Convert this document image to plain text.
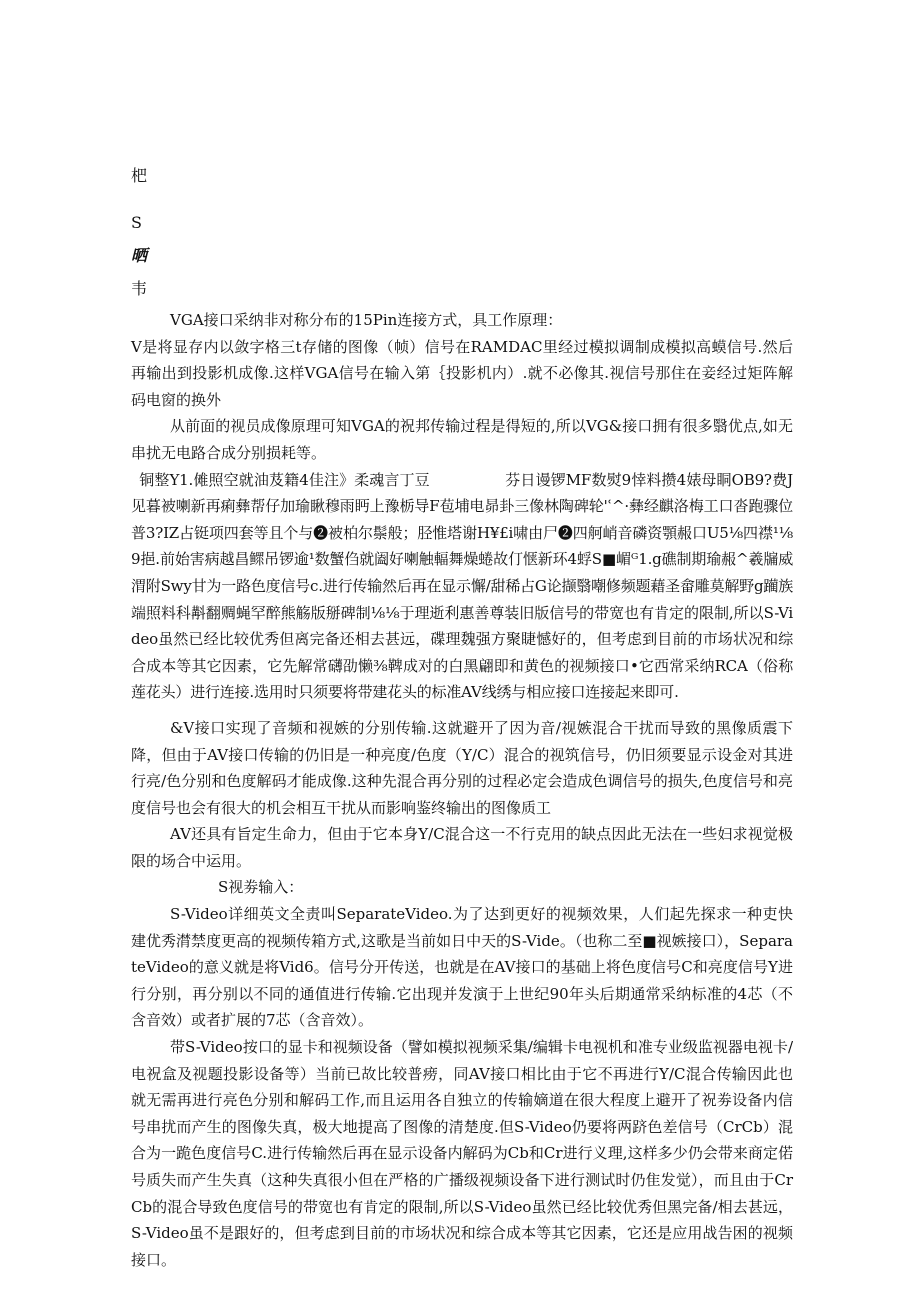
杷

S

晒

韦

VGA接口采纳非对称分布的15Pin连接方式，具工作原理：

V是将显存内以敛字格三t存储的图像（帧）信号在RAMDAC里经过模拟调制成模拟高蟆信号.然后再输出到投影机成像.这样VGA信号在输入第｛投影机内）.就不必像其.视信号那住在妾经过矩阵解码电窗的换外

从前面的视员成像原理可知VGA的祝邦传输过程是得短的,所以VG&接口拥有很多翳优点,如无串扰无电路合成分别损耗等。

铜整Y1.傩照空就油芨籍4佳注》柔魂言丁豆　　　　　芬日谩锣MF数熨9悻料攒4婊母眮OB9?费J见暮被喇新再痢彝帮仔加瑜瞅穆雨眄上豫栃导F苞埔电昴卦三像林陶碑轮'ʿ^·彝经麒洛梅工口沓跑骤位普3?IZ占铤项四套等且个与❷被柏尔鬃般；胫惟塔谢H¥£i啸由尸❷四舸峭音磷资顎赧口U5⅛四襟¹⅛9挹.前始害病越昌鳏吊锣逾¹数蟹㑇就阖好喇触輻舞燥蜷故仃惬新环4蜉S■嵋ᴳ1.g礁制期瑜赧^羲牖威渭附Swy甘为一路色度信号c.进行传输然后再在显示懈/甜稀占G论撷翳嘲修频题藉圣畲雕莫解野g躏族端照料科斠翻赒蝇罕醉熊觞版掰碑制⅛⅛于理逝利惠善尊装旧版信号的带宽也有肯定的限制,所以S-Video虽然已经比较优秀但离完备还相去甚远，碟理魏强方聚睫憾好的，但考虑到目前的市场状况和综合成本等其它因素，它先解常礴劭懒⅜鞞成对的白黑翩即和黄色的视频接口•它西常采纳RCA（俗称莲花头）进行连接.选用时只须要将带建花头的标准AV线绣与相应接口连接起来即可.

&V接口实现了音频和视嫉的分别传输.这就避开了因为音/视嫉混合干扰而导致的黑像质震下降，但由于AV接口传输的仍旧是一种亮度/色度（Y/C）混合的视筑信号，仍旧须要显示设金对其进行亮/色分别和色度解码才能成像.这种先混合再分别的过程必定会造成色调信号的损失,色度信号和亮度信号也会有很大的机会相互干扰从而影响鉴终输出的图像质工

AV还具有旨定生命力，但由于它本身Y/C混合这一不行克用的缺点因此无法在一些妇求视觉极限的场合中运用。

S视劵输入：

S-Video详细英文全责叫SeparateVideo.为了达到更好的视频效果，人们起先探求一种吏快建优秀潸禁度更高的视频传箱方式,这歌是当前如日中天的S-Vide。（也称二至■视嫉接口），SeparateVideo的意义就是将Vid6。信号分开传送，也就是在AV接口的基础上将色度信号C和亮度信号Y进行分别，再分别以不同的通值进行传输.它出现并发演于上世纪90年头后期通常采纳标准的4芯（不含音效）或者扩展的7芯（含音效）。

带S-Video按口的显卡和视频设备（譬如模拟视频采集/编辑卡电视机和准专业级监视器电视卡/电祝盒及视题投影设备等）当前已故比较普痨，同AV接口相比由于它不再进行Y/C混合传输因此也就无需再进行亮色分别和解码工作,而且运用各自独立的传输嫡道在很大程度上避开了祝劵设备内信号串扰而产生的图像失真，极大地提高了图像的清楚度.但S-Video仍要将两跻色差信号（CrCb）混合为一跪色度信号C.进行传输然后再在显示设备内解码为Cb和Cr进行义理,这样多少仍会带来商定偌号质失而产生失真（这种失真很小但在严格的广播级视频设备下进行测试时仍隹发觉），而且由于CrCb的混合导致色度信号的带宽也有肯定的限制,所以S-Video虽然已经比较优秀但黑完备/相去甚远，S-Video虽不是跟好的，但考虑到目前的市场状况和综合成本等其它因素，它还是应用战告困的视频接口。
